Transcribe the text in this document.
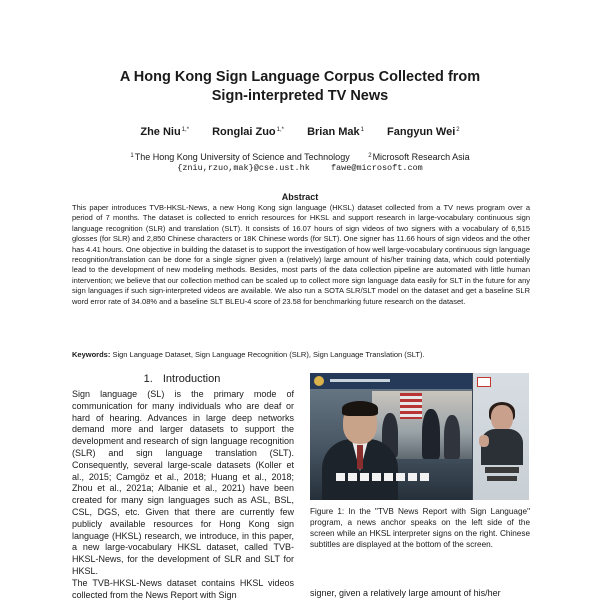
A Hong Kong Sign Language Corpus Collected from
Sign-interpreted TV News
Zhe Niu$^{1,*}$ Ronglai Zuo$^{1,*}$ Brian Mak$^1$ Fangyun Wei$^2$
$^1$The Hong Kong University of Science and Technology	$^2$Microsoft Research Asia
{zniu,rzuo,mak}@cse.ust.hk fawe@microsoft.com
Abstract
This paper introduces TVB-HKSL-News, a new Hong Kong sign language (HKSL) dataset collected from a TV news program over a period of 7 months. The dataset is collected to enrich resources for HKSL and support research in large-vocabulary continuous sign language recognition (SLR) and translation (SLT). It consists of 16.07 hours of sign videos of two signers with a vocabulary of 6,515 glosses (for SLR) and 2,850 Chinese characters or 18K Chinese words (for SLT). One signer has 11.66 hours of sign videos and the other has 4.41 hours. One objective in building the dataset is to support the investigation of how well large-vocabulary continuous sign language recognition/translation can be done for a single signer given a (relatively) large amount of his/her training data, which could potentially lead to the development of new modeling methods. Besides, most parts of the data collection pipeline are automated with little human intervention; we believe that our collection method can be scaled up to collect more sign language data easily for SLT in the future for any sign languages if such sign-interpreted videos are available. We also run a SOTA SLR/SLT model on the dataset and get a baseline SLR word error rate of 34.08% and a baseline SLT BLEU-4 score of 23.58 for benchmarking future research on the dataset.
Keywords: Sign Language Dataset, Sign Language Recognition (SLR), Sign Language Translation (SLT).
1. Introduction

Sign language (SL) is the primary mode of communication for many individuals who are deaf or hard of hearing. Advances in large deep networks demand more and larger datasets to support the development and research of sign language recognition (SLR) and sign language translation (SLT). Consequently, several large-scale datasets (Koller et al., 2015; Camgöz et al., 2018; Huang et al., 2018; Zhou et al., 2021a; Albanie et al., 2021) have been created for many sign languages such as ASL, BSL, CSL, DGS, etc. Given that there are currently few publicly available resources for Hong Kong sign language (HKSL) research, we introduce, in this paper, a new large-vocabulary HKSL dataset, called TVB-HKSL-News, for the development of SLR and SLT for HKSL.

The TVB-HKSL-News dataset contains HKSL videos collected from the News Report with Sign

Figure 1: In the "TVB News Report with Sign Language" program, a news anchor speaks on the left side of the screen while an HKSL interpreter signs on the right. Chinese subtitles are displayed at the bottom of the screen.
signer, given a relatively large amount of his/her
